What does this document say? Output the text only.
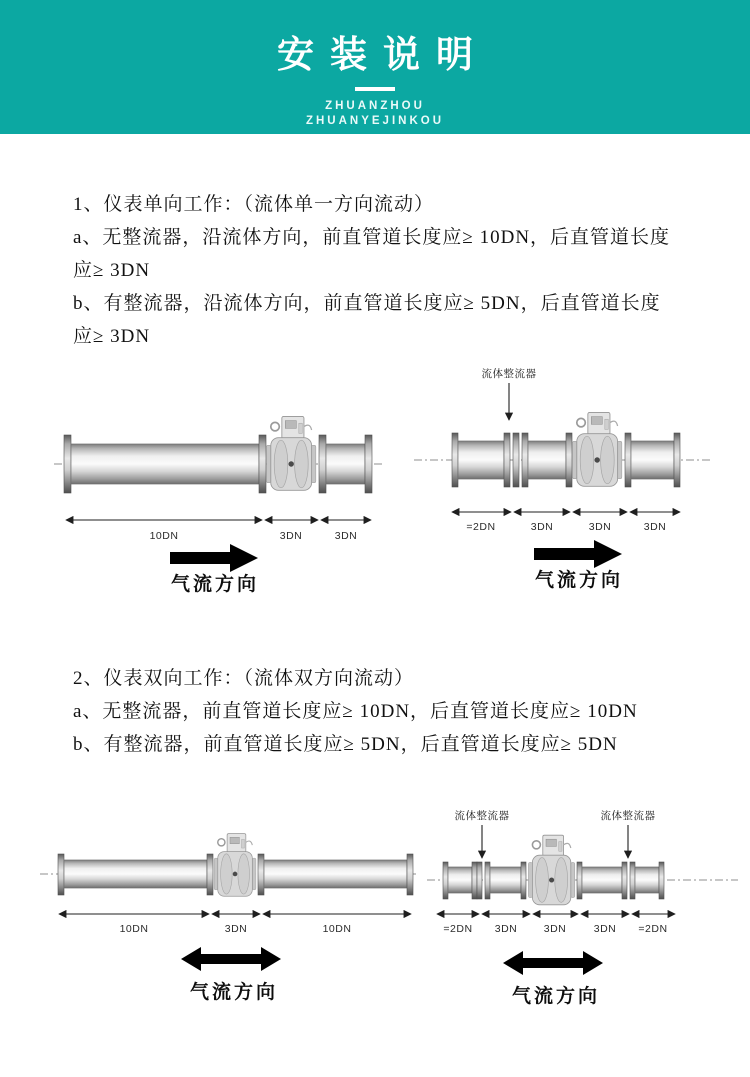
安装说明
ZHUANZHOU
ZHUANYEJINKOU

1、仪表单向工作：（流体单一方向流动）

a、无整流器，沿流体方向，前直管道长度应≥ 10DN，后直管道长度

应≥ 3DN

b、有整流器，沿流体方向，前直管道长度应≥ 5DN，后直管道长度

应≥ 3DN

10DN	3DN	3DN
气流方向
流体整流器
=2DN	3DN	3DN	3DN
气流方向

2、仪表双向工作：（流体双方向流动）

a、无整流器，前直管道长度应≥ 10DN，后直管道长度应≥ 10DN

b、有整流器，前直管道长度应≥ 5DN，后直管道长度应≥ 5DN

10DN	3DN	10DN
气流方向
流体整流器	流体整流器
=2DN 3DN	3DN	3DN =2DN
气流方向
